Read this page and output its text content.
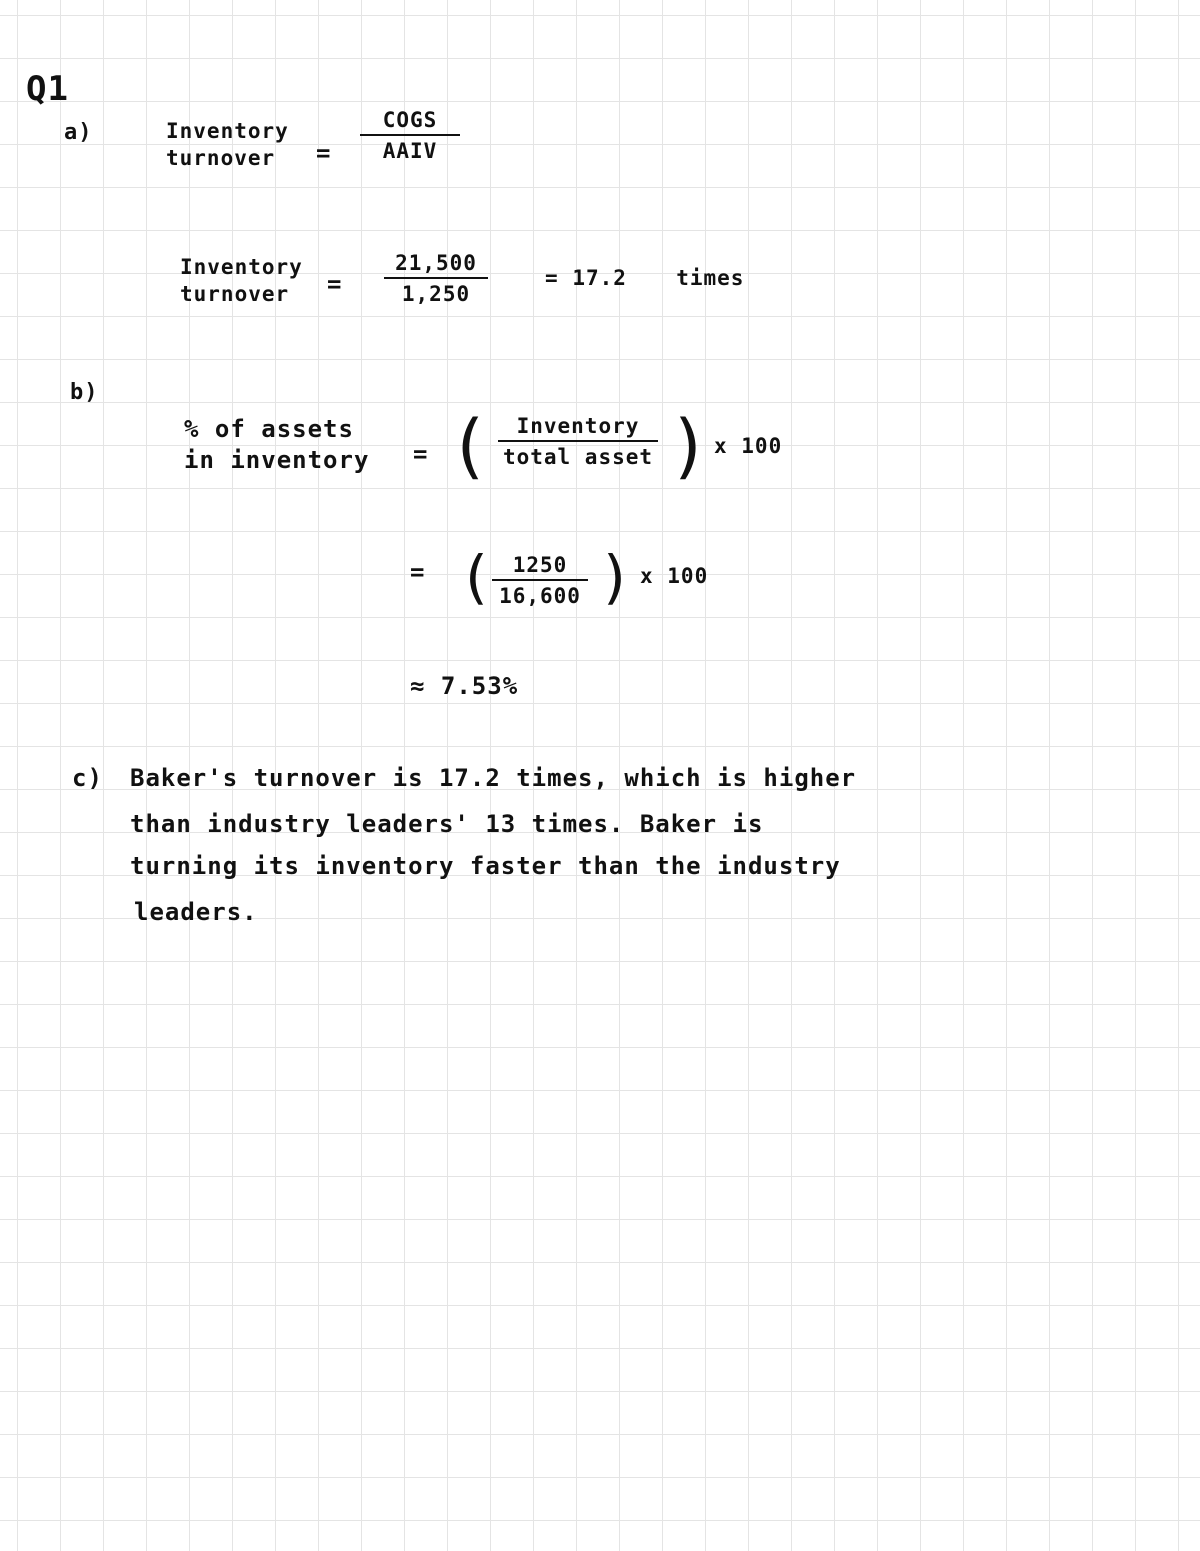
Q1
a)	Inventory
turnover	=
COGS
AAIV
Inventory
turnover	= $\frac{21,500}{1,250}$	= 17.2 times
b)
% of assets
in inventory = (	Inventory
total asset ) x 100
= ( $\frac{1250}{16,600}$ ) x 100
≈ 7.53%
c) Baker's turnover is 17.2 times, which is higher
than industry leaders' 13 times. Baker is
turning its inventory faster than the industry
leaders.
